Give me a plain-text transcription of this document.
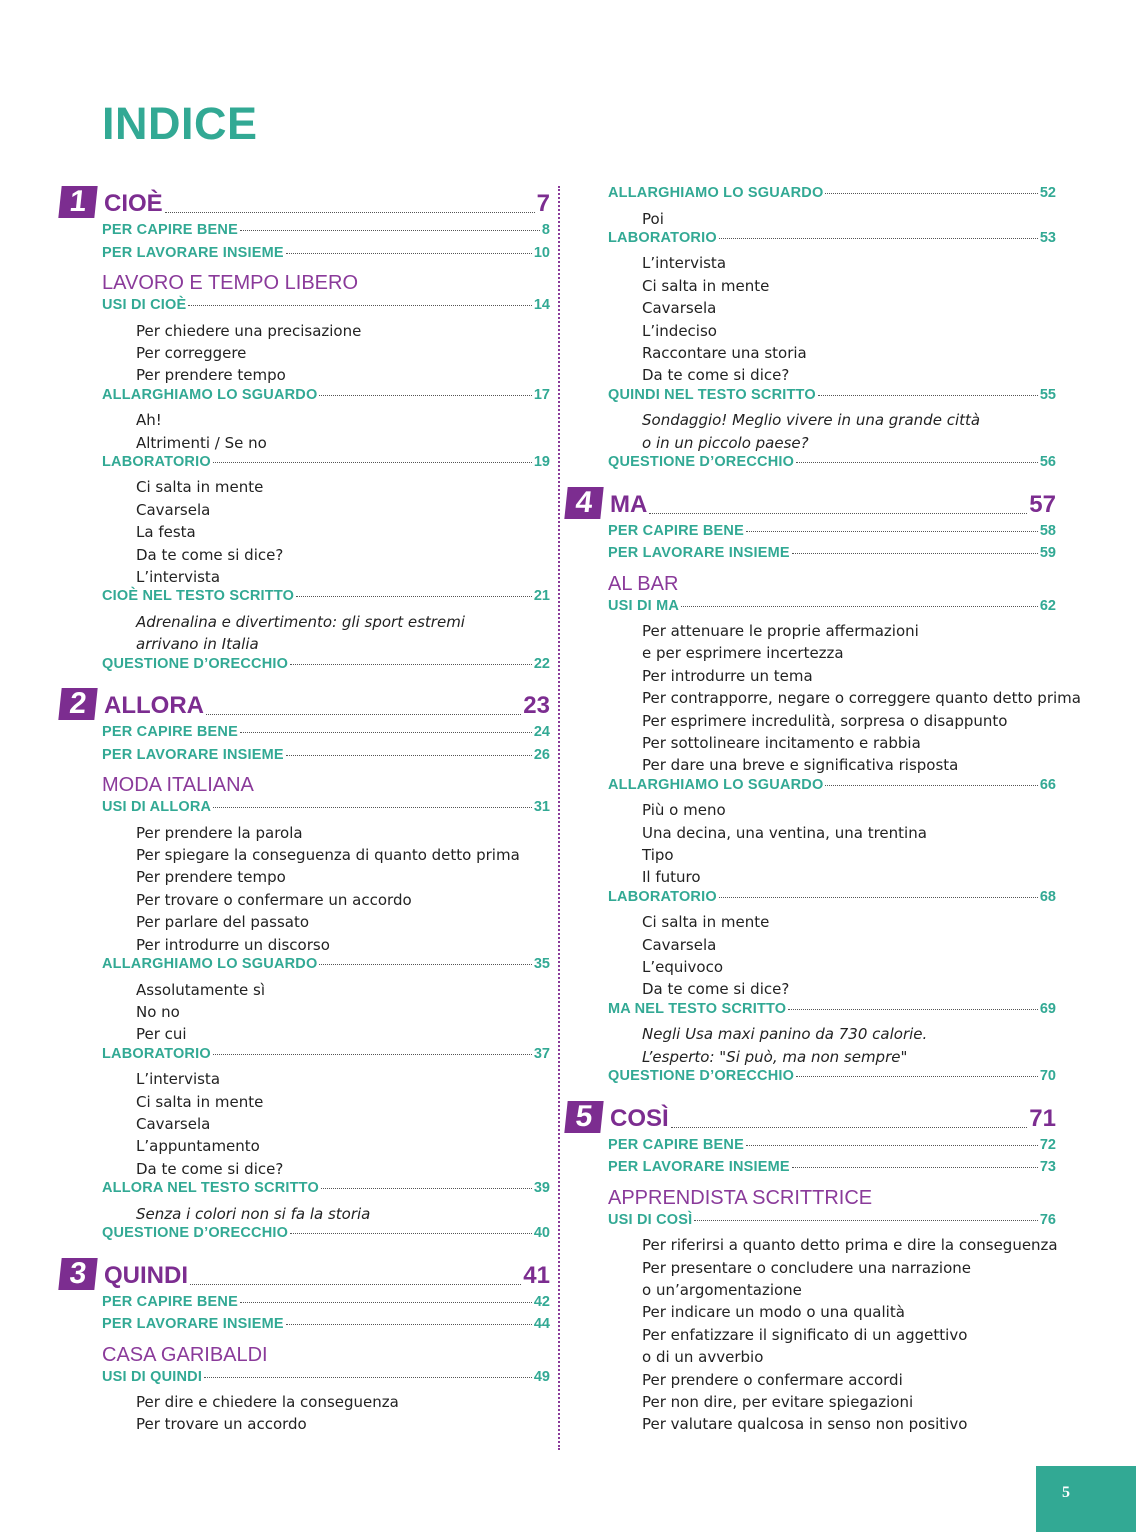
INDICE
1 CIOÈ	7
PER CAPIRE BENE	8
PER LAVORARE INSIEME	10
LAVORO E TEMPO LIBERO
USI DI CIOÈ	14
Per chiedere una precisazione
Per correggere
Per prendere tempo
ALLARGHIAMO LO SGUARDO	17
Ah!
Altrimenti / Se no
LABORATORIO	19
Ci salta in mente
Cavarsela
La festa
Da te come si dice?
L’intervista
CIOÈ NEL TESTO SCRITTO	21
Adrenalina e divertimento: gli sport estremi
arrivano in Italia
QUESTIONE D’ORECCHIO	22
2 ALLORA	23
PER CAPIRE BENE	24
PER LAVORARE INSIEME	26
MODA ITALIANA
USI DI ALLORA	31
Per prendere la parola
Per spiegare la conseguenza di quanto detto prima
Per prendere tempo
Per trovare o confermare un accordo
Per parlare del passato
Per introdurre un discorso
ALLARGHIAMO LO SGUARDO	35
Assolutamente sì
No no
Per cui
LABORATORIO	37
L’intervista
Ci salta in mente
Cavarsela
L’appuntamento
Da te come si dice?
ALLORA NEL TESTO SCRITTO	39
Senza i colori non si fa la storia
QUESTIONE D’ORECCHIO	40
3 QUINDI	41
PER CAPIRE BENE	42
PER LAVORARE INSIEME	44
CASA GARIBALDI
USI DI QUINDI	49
Per dire e chiedere la conseguenza
Per trovare un accordo
ALLARGHIAMO LO SGUARDO	52
Poi
LABORATORIO	53
L’intervista
Ci salta in mente
Cavarsela
L’indeciso
Raccontare una storia
Da te come si dice?
QUINDI NEL TESTO SCRITTO	55
Sondaggio! Meglio vivere in una grande città
o in un piccolo paese?
QUESTIONE D’ORECCHIO	56
4 MA	57
PER CAPIRE BENE	58
PER LAVORARE INSIEME	59
AL BAR
USI DI MA	62
Per attenuare le proprie affermazioni
e per esprimere incertezza
Per introdurre un tema
Per contrapporre, negare o correggere quanto detto prima
Per esprimere incredulità, sorpresa o disappunto
Per sottolineare incitamento e rabbia
Per dare una breve e significativa risposta
ALLARGHIAMO LO SGUARDO	66
Più o meno
Una decina, una ventina, una trentina
Tipo
Il futuro
LABORATORIO	68
Ci salta in mente
Cavarsela
L’equivoco
Da te come si dice?
MA NEL TESTO SCRITTO	69
Negli Usa maxi panino da 730 calorie.
L’esperto: "Si può, ma non sempre"
QUESTIONE D’ORECCHIO	70
5 COSÌ	71
PER CAPIRE BENE	72
PER LAVORARE INSIEME	73
APPRENDISTA SCRITTRICE
USI DI COSÌ	76
Per riferirsi a quanto detto prima e dire la conseguenza
Per presentare o concludere una narrazione
o un’argomentazione
Per indicare un modo o una qualità
Per enfatizzare il significato di un aggettivo
o di un avverbio
Per prendere o confermare accordi
Per non dire, per evitare spiegazioni
Per valutare qualcosa in senso non positivo
5
